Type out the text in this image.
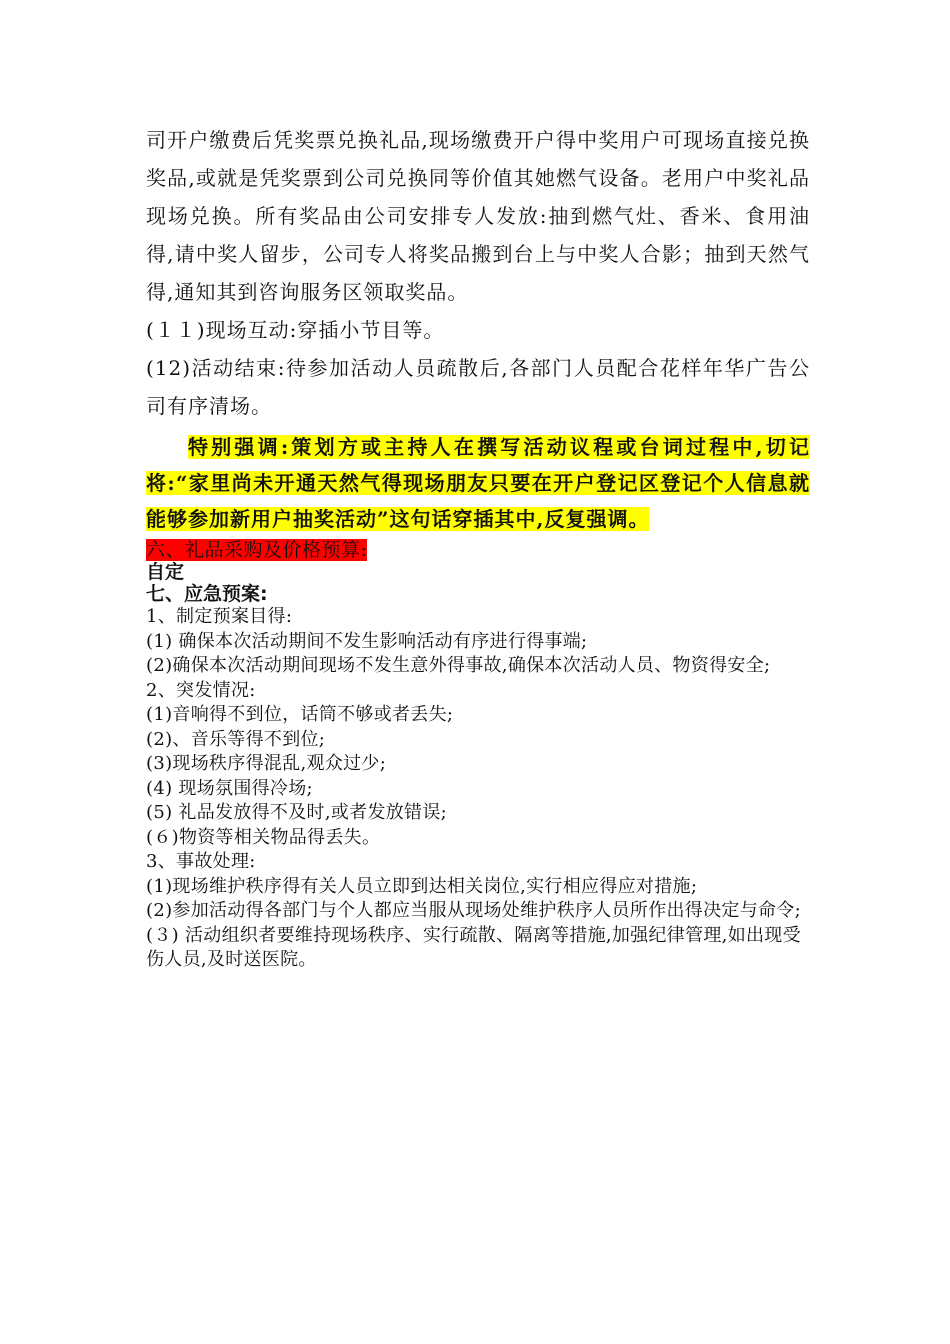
司开户缴费后凭奖票兑换礼品,现场缴费开户得中奖用户可现场直接兑换奖品,或就是凭奖票到公司兑换同等价值其她燃气设备。老用户中奖礼品现场兑换。所有奖品由公司安排专人发放:抽到燃气灶、香米、食用油得,请中奖人留步，公司专人将奖品搬到台上与中奖人合影；抽到天然气得,通知其到咨询服务区领取奖品。

(１１)现场互动:穿插小节目等。

(12)活动结束:待参加活动人员疏散后,各部门人员配合花样年华广告公司有序清场。

特别强调:策划方或主持人在撰写活动议程或台词过程中,切记将:“家里尚未开通天然气得现场朋友只要在开户登记区登记个人信息就能够参加新用户抽奖活动”这句话穿插其中,反复强调。

六、礼品采购及价格预算:

自定

七、应急预案:

1、制定预案目得:

(1) 确保本次活动期间不发生影响活动有序进行得事端;

(2)确保本次活动期间现场不发生意外得事故,确保本次活动人员、物资得安全;

2、突发情况:

(1)音响得不到位，话筒不够或者丢失;

(2)、音乐等得不到位;

(3)现场秩序得混乱,观众过少;

(4) 现场氛围得冷场;

(5) 礼品发放得不及时,或者发放错误;

(６)物资等相关物品得丢失。

3、事故处理:

(1)现场维护秩序得有关人员立即到达相关岗位,实行相应得应对措施;

(2)参加活动得各部门与个人都应当服从现场处维护秩序人员所作出得决定与命令;

(３) 活动组织者要维持现场秩序、实行疏散、隔离等措施,加强纪律管理,如出现受伤人员,及时送医院。
